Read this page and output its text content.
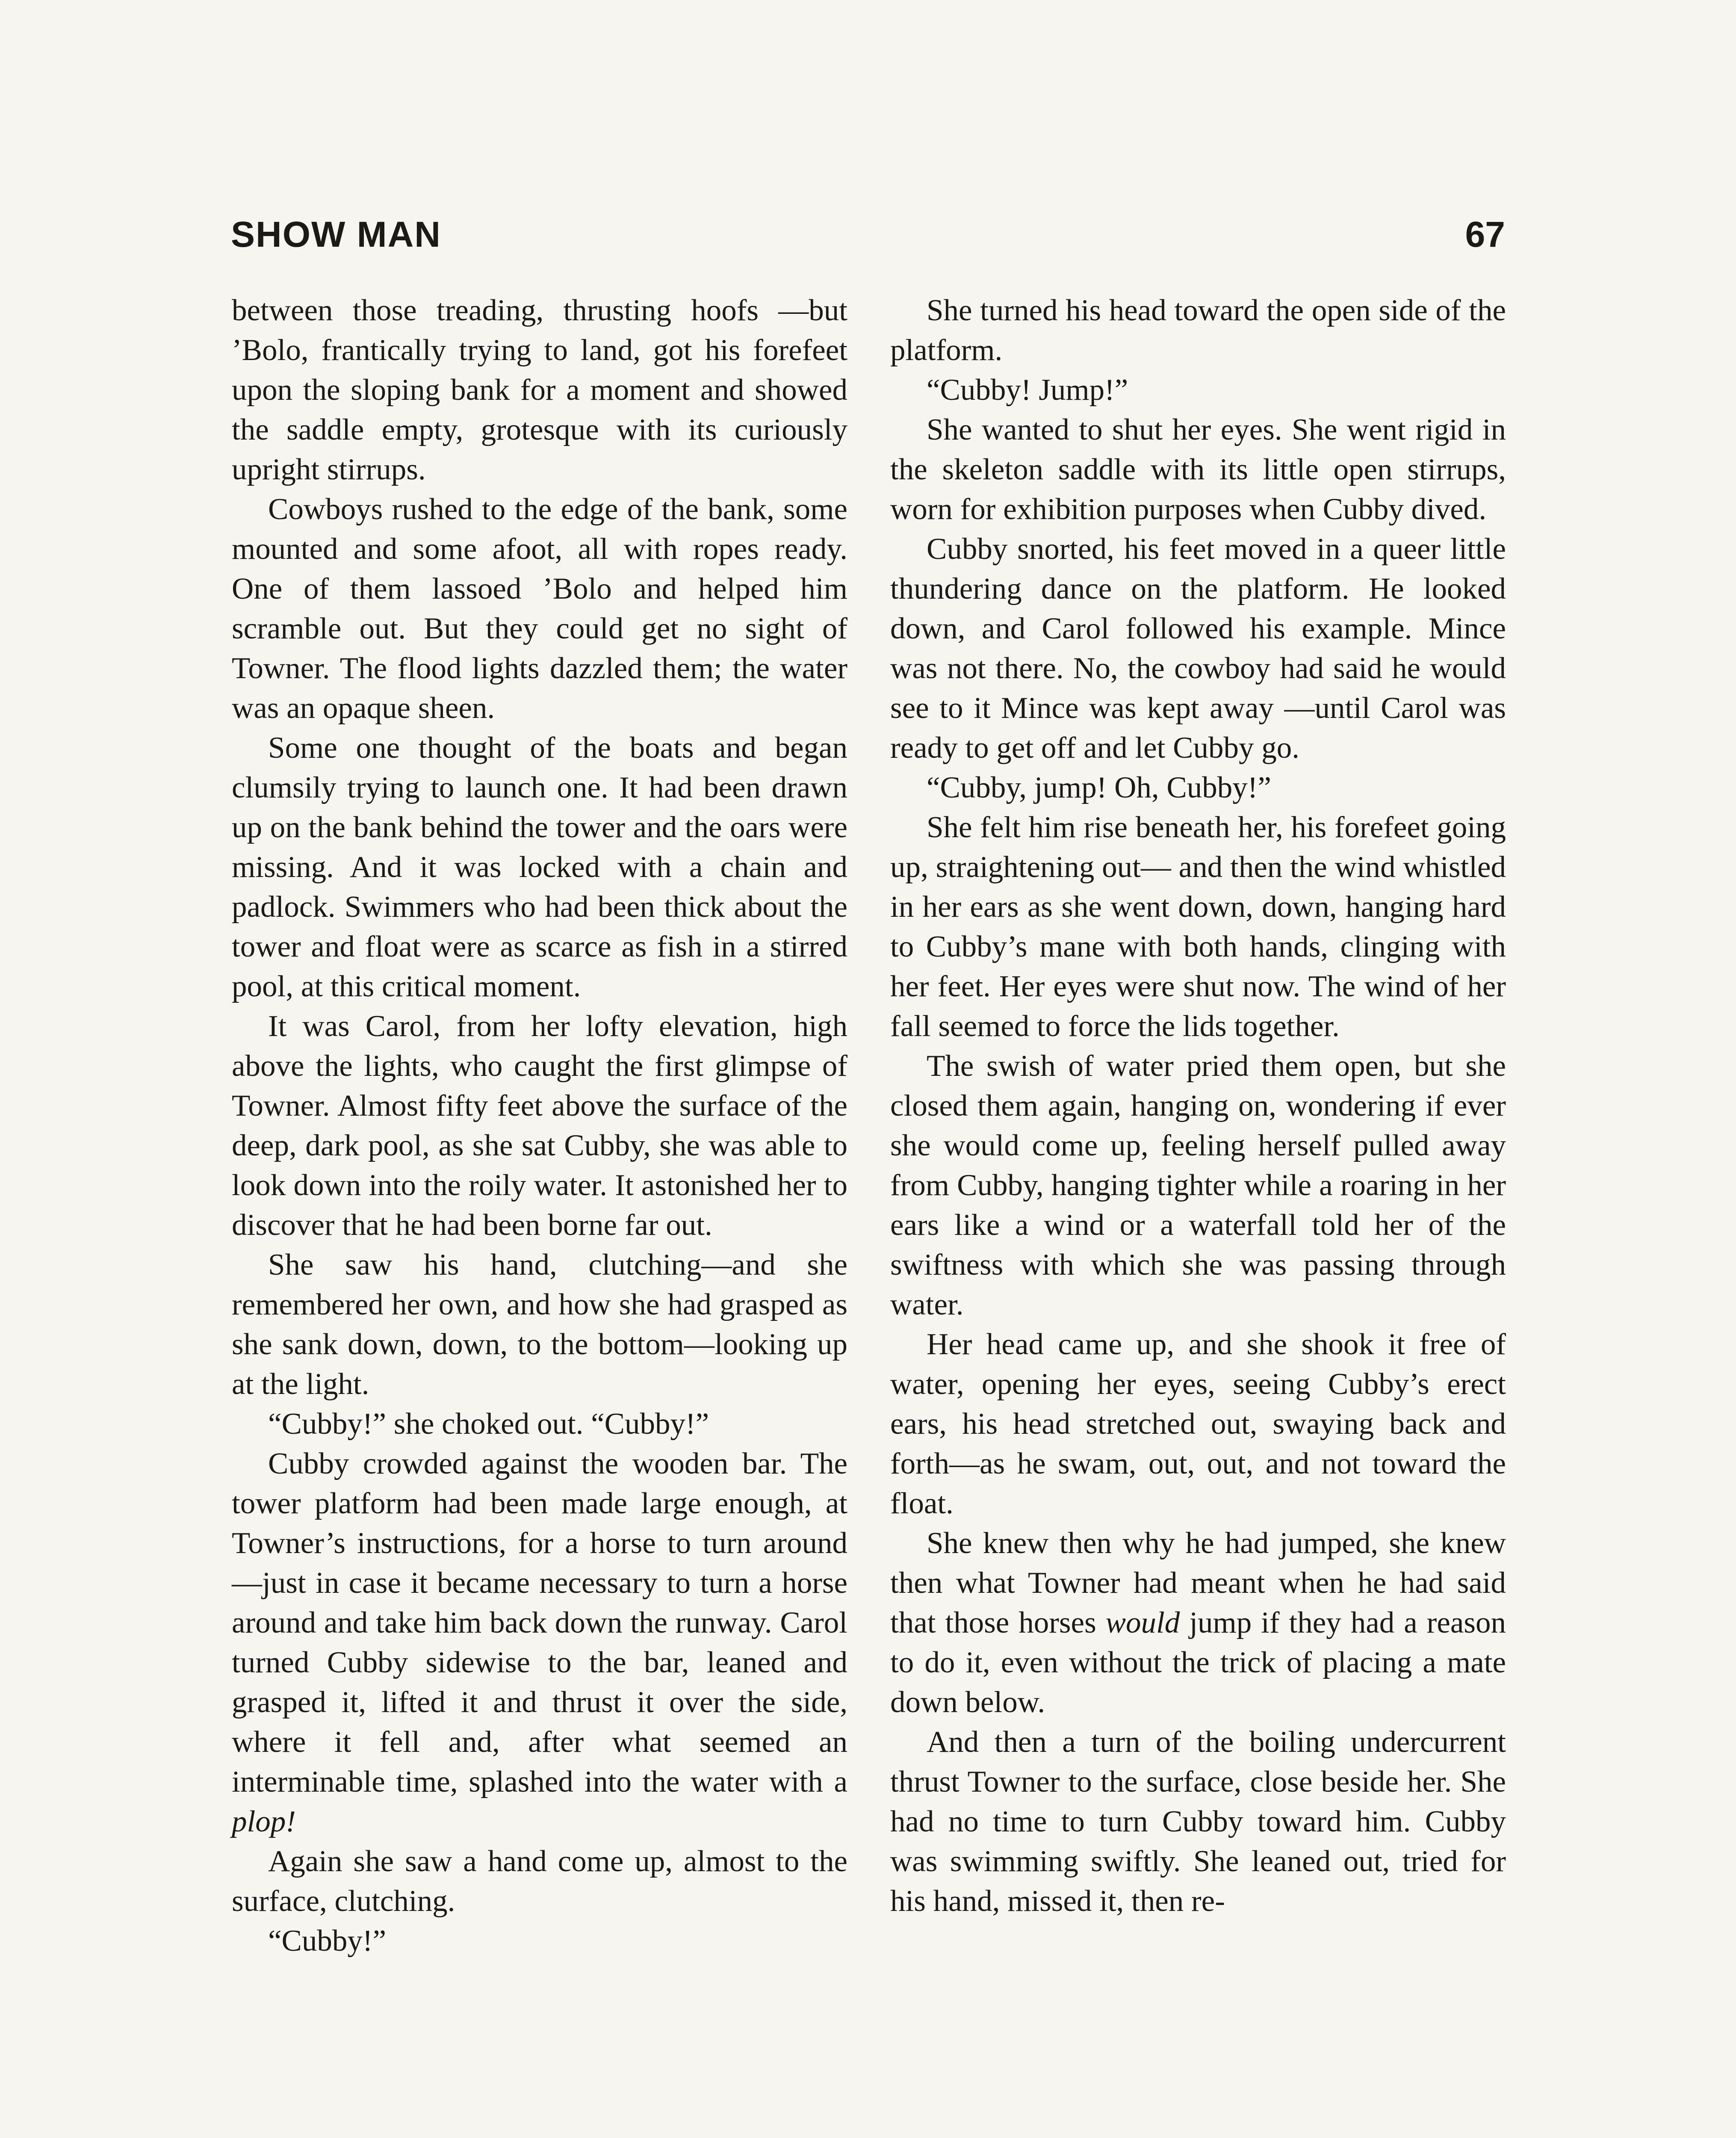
SHOW MAN	67

between those treading, thrusting hoofs —but ’Bolo, frantically trying to land, got his forefeet upon the sloping bank for a moment and showed the saddle empty, grotesque with its curiously upright stirrups.

Cowboys rushed to the edge of the bank, some mounted and some afoot, all with ropes ready. One of them lassoed ’Bolo and helped him scramble out. But they could get no sight of Towner. The flood lights dazzled them; the water was an opaque sheen.

Some one thought of the boats and began clumsily trying to launch one. It had been drawn up on the bank behind the tower and the oars were missing. And it was locked with a chain and padlock. Swimmers who had been thick about the tower and float were as scarce as fish in a stirred pool, at this critical moment.

It was Carol, from her lofty elevation, high above the lights, who caught the first glimpse of Towner. Almost fifty feet above the surface of the deep, dark pool, as she sat Cubby, she was able to look down into the roily water. It astonished her to discover that he had been borne far out.

She saw his hand, clutching—and she remembered her own, and how she had grasped as she sank down, down, to the bottom—looking up at the light.

“Cubby!” she choked out. “Cubby!”

Cubby crowded against the wooden bar. The tower platform had been made large enough, at Towner’s instructions, for a horse to turn around —just in case it became necessary to turn a horse around and take him back down the runway. Carol turned Cubby sidewise to the bar, leaned and grasped it, lifted it and thrust it over the side, where it fell and, after what seemed an interminable time, splashed into the water with a plop!

Again she saw a hand come up, almost to the surface, clutching.

“Cubby!”

She turned his head toward the open side of the platform.

“Cubby! Jump!”

She wanted to shut her eyes. She went rigid in the skeleton saddle with its little open stirrups, worn for exhibition purposes when Cubby dived.

Cubby snorted, his feet moved in a queer little thundering dance on the platform. He looked down, and Carol followed his example. Mince was not there. No, the cowboy had said he would see to it Mince was kept away —until Carol was ready to get off and let Cubby go.

“Cubby, jump! Oh, Cubby!”

She felt him rise beneath her, his forefeet going up, straightening out— and then the wind whistled in her ears as she went down, down, hanging hard to Cubby’s mane with both hands, clinging with her feet. Her eyes were shut now. The wind of her fall seemed to force the lids together.

The swish of water pried them open, but she closed them again, hanging on, wondering if ever she would come up, feeling herself pulled away from Cubby, hanging tighter while a roaring in her ears like a wind or a waterfall told her of the swiftness with which she was passing through water.

Her head came up, and she shook it free of water, opening her eyes, seeing Cubby’s erect ears, his head stretched out, swaying back and forth—as he swam, out, out, and not toward the float.

She knew then why he had jumped, she knew then what Towner had meant when he had said that those horses would jump if they had a reason to do it, even without the trick of placing a mate down below.

And then a turn of the boiling undercurrent thrust Towner to the surface, close beside her. She had no time to turn Cubby toward him. Cubby was swimming swiftly. She leaned out, tried for his hand, missed it, then re-
